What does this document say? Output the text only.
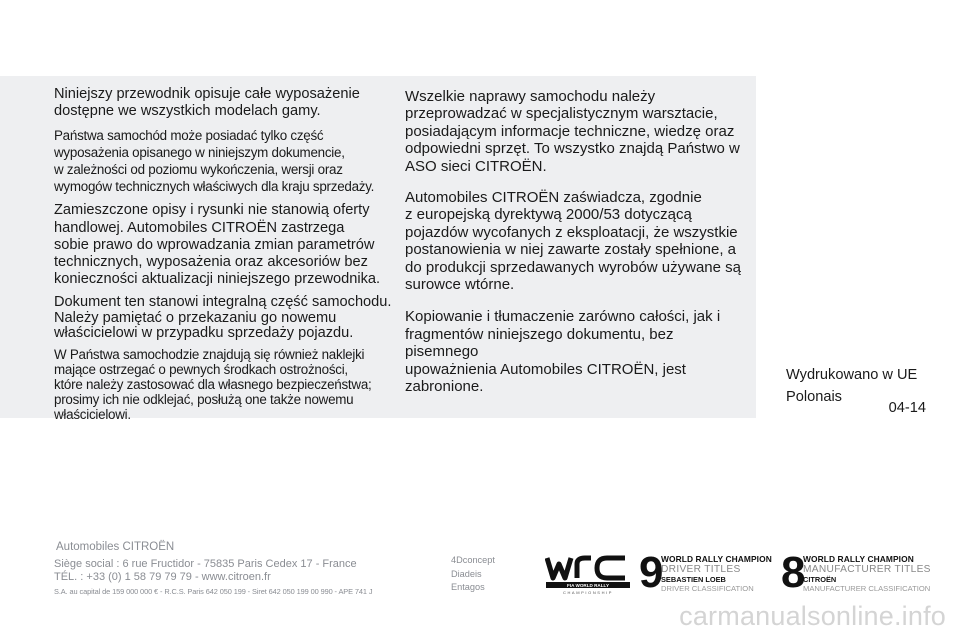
Niniejszy przewodnik opisuje całe wyposażenie
dostępne we wszystkich modelach gamy.

Państwa samochód może posiadać tylko część
wyposażenia opisanego w niniejszym dokumencie,
w zależności od poziomu wykończenia, wersji oraz
wymogów technicznych właściwych dla kraju sprzedaży.

Zamieszczone opisy i rysunki nie stanowią oferty
handlowej. Automobiles CITROËN zastrzega
sobie prawo do wprowadzania zmian parametrów
technicznych, wyposażenia oraz akcesoriów bez
konieczności aktualizacji niniejszego przewodnika.

Dokument ten stanowi integralną część samochodu.
Należy pamiętać o przekazaniu go nowemu
właścicielowi w przypadku sprzedaży pojazdu.

W Państwa samochodzie znajdują się również naklejki
mające ostrzegać o pewnych środkach ostrożności,
które należy zastosować dla własnego bezpieczeństwa;
prosimy ich nie odklejać, posłużą one także nowemu
właścicielowi.

Wszelkie naprawy samochodu należy
przeprowadzać w specjalistycznym warsztacie,
posiadającym informacje techniczne, wiedzę oraz
odpowiedni sprzęt. To wszystko znajdą Państwo w
ASO sieci CITROËN.

Automobiles CITROËN zaświadcza, zgodnie
z europejską dyrektywą 2000/53 dotyczącą
pojazdów wycofanych z eksploatacji, że wszystkie
postanowienia w niej zawarte zostały spełnione, a
do produkcji sprzedawanych wyrobów używane są
surowce wtórne.

Kopiowanie i tłumaczenie zarówno całości, jak i
fragmentów niniejszego dokumentu, bez pisemnego
upoważnienia Automobiles CITROËN, jest
zabronione.

Wydrukowano w UE
Polonais
04-14
Automobiles CITROËN
Siège social : 6 rue Fructidor - 75835 Paris Cedex 17 - France
TÉL. : +33 (0) 1 58 79 79 79 - www.citroen.fr
S.A. au capital de 159 000 000 € - R.C.S. Paris 642 050 199 - Siret 642 050 199 00 990 - APE 741 J
4Dconcept
Diadeis
Entagos	FIA WORLD RALLY
CHAMPIONSHIP 9
WORLD RALLY CHAMPION
DRIVER TITLES
SEBASTIEN LOEB
DRIVER CLASSIFICATION 8
WORLD RALLY CHAMPION
MANUFACTURER TITLES
CITROËN
MANUFACTURER CLASSIFICATION
carmanualsonline.info
